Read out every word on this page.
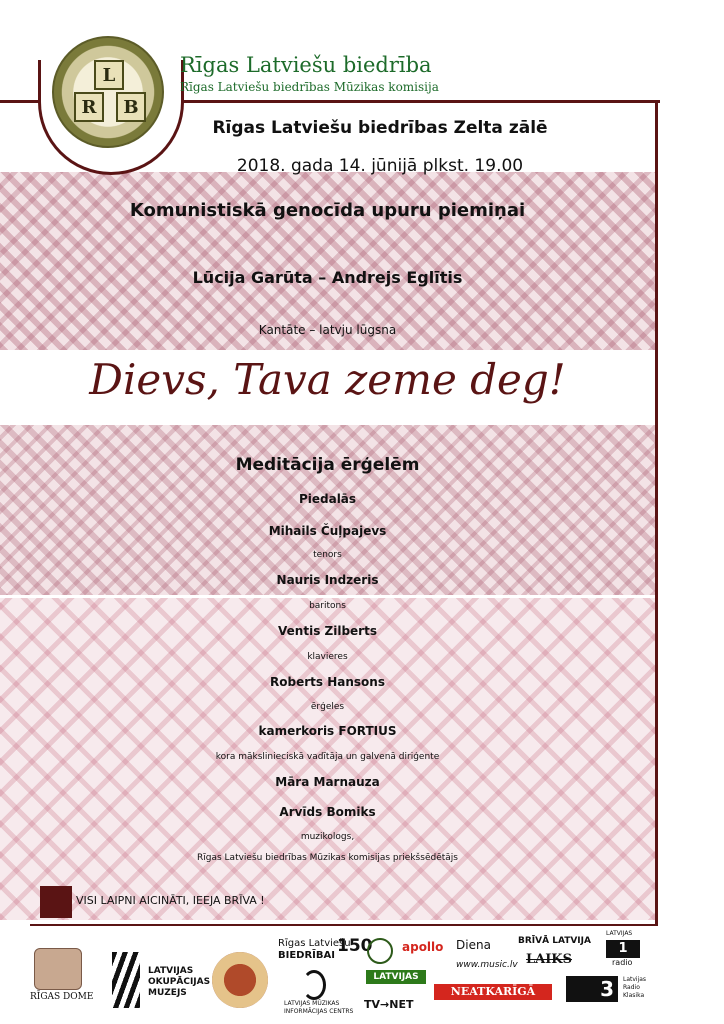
L
R	B
Rīgas Latviešu biedrība
Rīgas Latviešu biedrības Mūzikas komisija
Rīgas Latviešu biedrības Zelta zālē
2018. gada 14. jūnijā plkst. 19.00
Komunistiskā genocīda upuru piemiņai
Lūcija Garūta – Andrejs Eglītis
Kantāte – latvju lūgsna
Dievs, Tava zeme deg!
Meditācija ērģelēm
Piedalās
Mihails Čuļpajevs
tenors
Nauris Indzeris
baritons
Ventis Zilberts
klavieres
Roberts Hansons
ērģeles
kamerkoris FORTIUS
kora mākslinieciskā vadītāja un galvenā diriģente
Māra Marnauza
Arvīds Bomiks
muzikologs,
Rīgas Latviešu biedrības Mūzikas komisijas priekšsēdētājs
VISI LAIPNI AICINĀTI, IEEJA BRĪVA !
RĪGAS DOME
LATVIJAS
OKUPĀCIJAS
MUZEJS
Rīgas Latviešu
BIEDRĪBAI 150
LATVIJAS MŪZIKAS
INFORMĀCIJAS CENTRS
apollo Diena
www.music.lv
BRĪVĀ LATVIJA
LAIKS
LATVIJAS AVĪZE
TV→NET
NEATKARĪGĀ
LATVIJAS
1
radio
3	Latvijas
Radio
Klasika
